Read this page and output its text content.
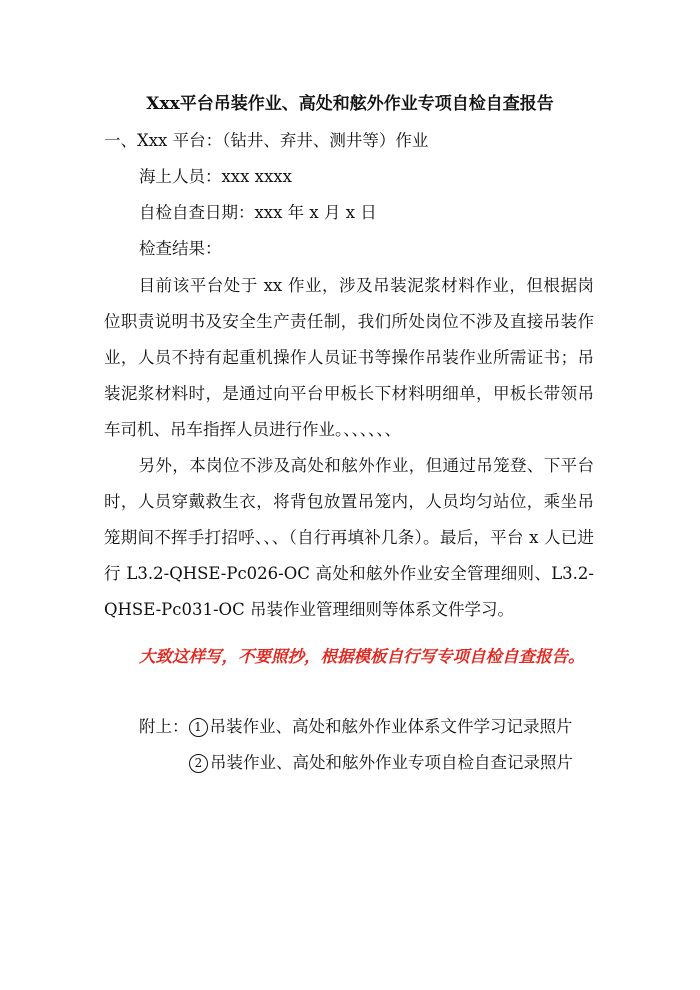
Xxx平台吊装作业、高处和舷外作业专项自检自查报告
一、Xxx 平台：（钻井、弃井、测井等）作业
海上人员：xxx xxxx
自检自查日期：xxx 年 x 月 x 日
检查结果：
目前该平台处于 xx 作业，涉及吊装泥浆材料作业，但根据岗位职责说明书及安全生产责任制，我们所处岗位不涉及直接吊装作业，人员不持有起重机操作人员证书等操作吊装作业所需证书；吊装泥浆材料时，是通过向平台甲板长下材料明细单，甲板长带领吊车司机、吊车指挥人员进行作业。、、、、、、
另外，本岗位不涉及高处和舷外作业，但通过吊笼登、下平台时，人员穿戴救生衣，将背包放置吊笼内，人员均匀站位，乘坐吊笼期间不挥手打招呼、、、（自行再填补几条）。最后，平台 x 人已进行 L3.2-QHSE-Pc026-OC 高处和舷外作业安全管理细则、L3.2-QHSE-Pc031-OC 吊装作业管理细则等体系文件学习。
大致这样写，不要照抄，根据模板自行写专项自检自查报告。
附上： 1 吊装作业、高处和舷外作业体系文件学习记录照片
2 吊装作业、高处和舷外作业专项自检自查记录照片
